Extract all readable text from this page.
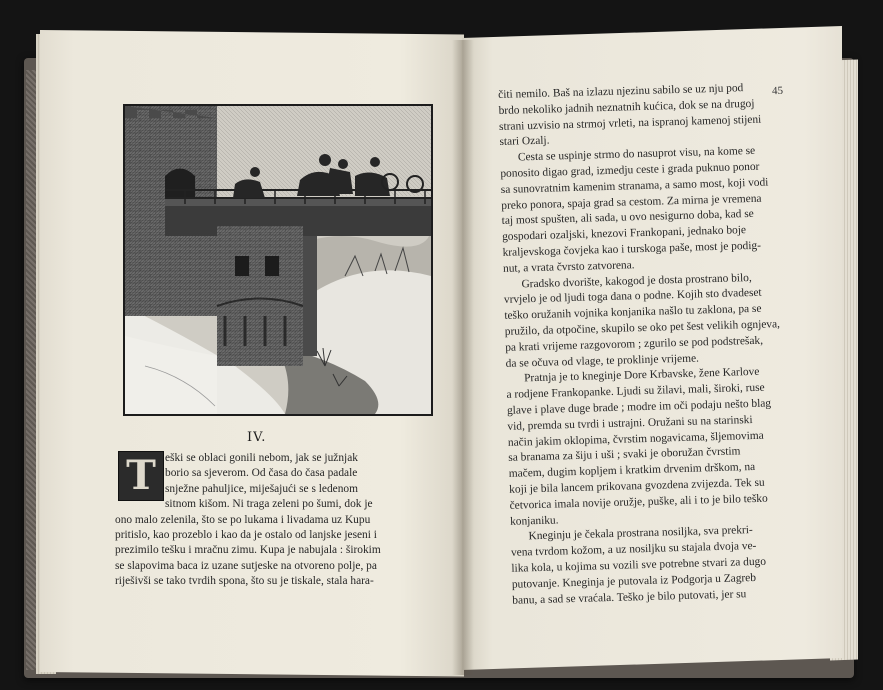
IV.
eški se oblaci gonili nebom, jak se južnjak
borio sa sjeverom. Od časa do časa padale
snježne pahuljice, miješajući se s ledenom
sitnom kišom. Ni traga zeleni po šumi, dok je
ono malo zelenila, što se po lukama i livadama uz Kupu
pritislo, kao prozeblo i kao da je ostalo od lanjske jeseni i
prezimilo tešku i mračnu zimu. Kupa je nabujala : širokim
se slapovima baca iz uzane sutjeske na otvoreno polje, pa
riješivši se tako tvrdih spona, što su je tiskale, stala hara-
T
45
čiti nemilo. Baš na izlazu njezinu sabilo se uz nju pod
brdo nekoliko jadnih neznatnih kućica, dok se na drugoj
strani uzvisio na strmoj vrleti, na ispranoj kamenoj stijeni
stari Ozalj.
Cesta se uspinje strmo do nasuprot visu, na kome se
ponosito digao grad, izmedju ceste i grada puknuo ponor
sa sunovratnim kamenim stranama, a samo most, koji vodi
preko ponora, spaja grad sa cestom. Za mirna je vremena
taj most spušten, ali sada, u ovo nesigurno doba, kad se
gospodari ozaljski, knezovi Frankopani, jednako boje
kraljevskoga čovjeka kao i turskoga paše, most je podig-
nut, a vrata čvrsto zatvorena.
Gradsko dvorište, kakogod je dosta prostrano bilo,
vrvjelo je od ljudi toga dana o podne. Kojih sto dvadeset
teško oružanih vojnika konjanika našlo tu zaklona, pa se
pružilo, da otpočine, skupilo se oko pet šest velikih ognjeva,
pa krati vrijeme razgovorom ; zgurilo se pod podstrešak,
da se očuva od vlage, te proklinje vrijeme.
Pratnja je to kneginje Dore Krbavske, žene Karlove
a rodjene Frankopanke. Ljudi su žilavi, mali, široki, ruse
glave i plave duge brade ; modre im oči podaju nešto blag
vid, premda su tvrdi i ustrajni. Oružani su na starinski
način jakim oklopima, čvrstim nogavicama, šljemovima
sa branama za šiju i uši ; svaki je oboružan čvrstim
mačem, dugim kopljem i kratkim drvenim drškom, na
koji je bila lancem prikovana gvozdena zvijezda. Tek su
četvorica imala novije oružje, puške, ali i to je bilo teško
konjaniku.
Kneginju je čekala prostrana nosiljka, sva prekri-
vena tvrdom kožom, a uz nosiljku su stajala dvoja ve-
lika kola, u kojima su vozili sve potrebne stvari za dugo
putovanje. Kneginja je putovala iz Podgorja u Zagreb
banu, a sad se vraćala. Teško je bilo putovati, jer su
